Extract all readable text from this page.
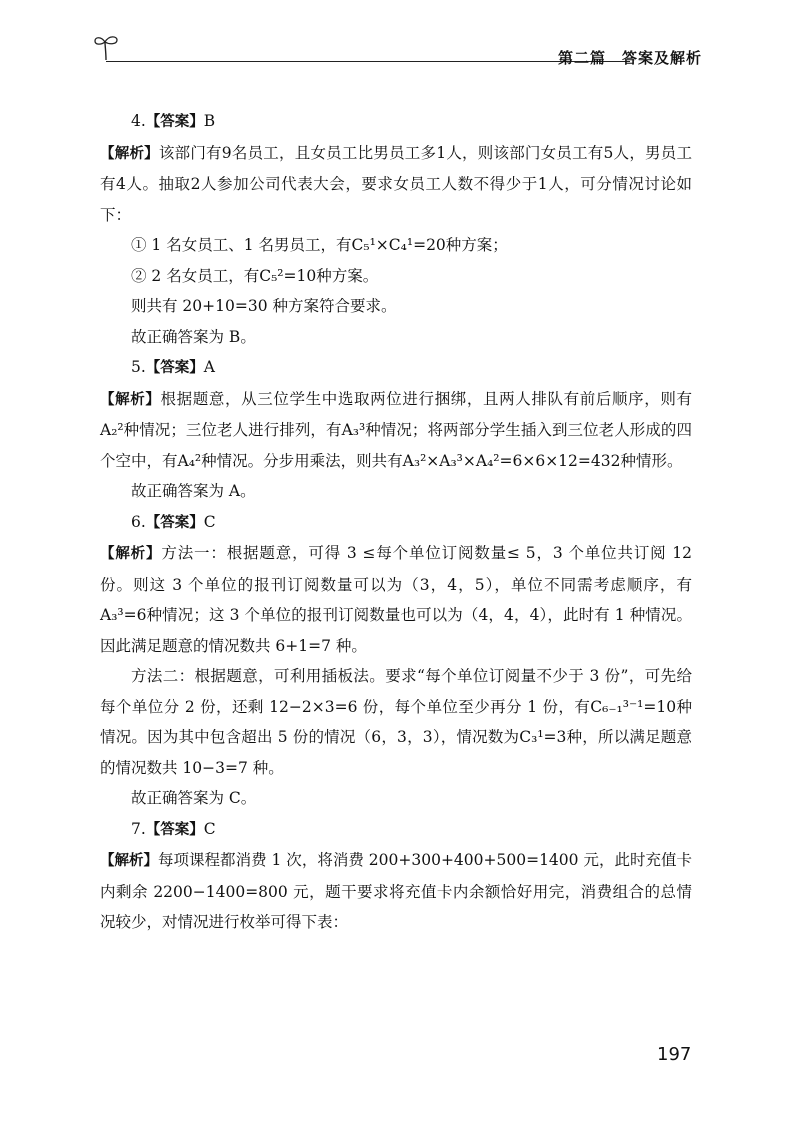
第二篇　答案及解析

4.【答案】B

【解析】该部门有9名员工，且女员工比男员工多1人，则该部门女员工有5人，男员工有4人。抽取2人参加公司代表大会，要求女员工人数不得少于1人，可分情况讨论如下：

① 1 名女员工、1 名男员工，有C₅¹×C₄¹=20种方案；

② 2 名女员工，有C₅²=10种方案。

则共有 20+10=30 种方案符合要求。

故正确答案为 B。

5.【答案】A

【解析】根据题意，从三位学生中选取两位进行捆绑，且两人排队有前后顺序，则有A₂²种情况；三位老人进行排列，有A₃³种情况；将两部分学生插入到三位老人形成的四个空中，有A₄²种情况。分步用乘法，则共有A₃²×A₃³×A₄²=6×6×12=432种情形。

故正确答案为 A。

6.【答案】C

【解析】方法一：根据题意，可得 3 ≤每个单位订阅数量≤ 5，3 个单位共订阅 12 份。则这 3 个单位的报刊订阅数量可以为（3，4，5），单位不同需考虑顺序，有A₃³=6种情况；这 3 个单位的报刊订阅数量也可以为（4，4，4），此时有 1 种情况。因此满足题意的情况数共 6+1=7 种。

方法二：根据题意，可利用插板法。要求“每个单位订阅量不少于 3 份”，可先给每个单位分 2 份，还剩 12−2×3=6 份，每个单位至少再分 1 份，有C₆₋₁³⁻¹=10种情况。因为其中包含超出 5 份的情况（6，3，3），情况数为C₃¹=3种，所以满足题意的情况数共 10−3=7 种。

故正确答案为 C。

7.【答案】C

【解析】每项课程都消费 1 次，将消费 200+300+400+500=1400 元，此时充值卡内剩余 2200−1400=800 元，题干要求将充值卡内余额恰好用完，消费组合的总情况较少，对情况进行枚举可得下表：

197
